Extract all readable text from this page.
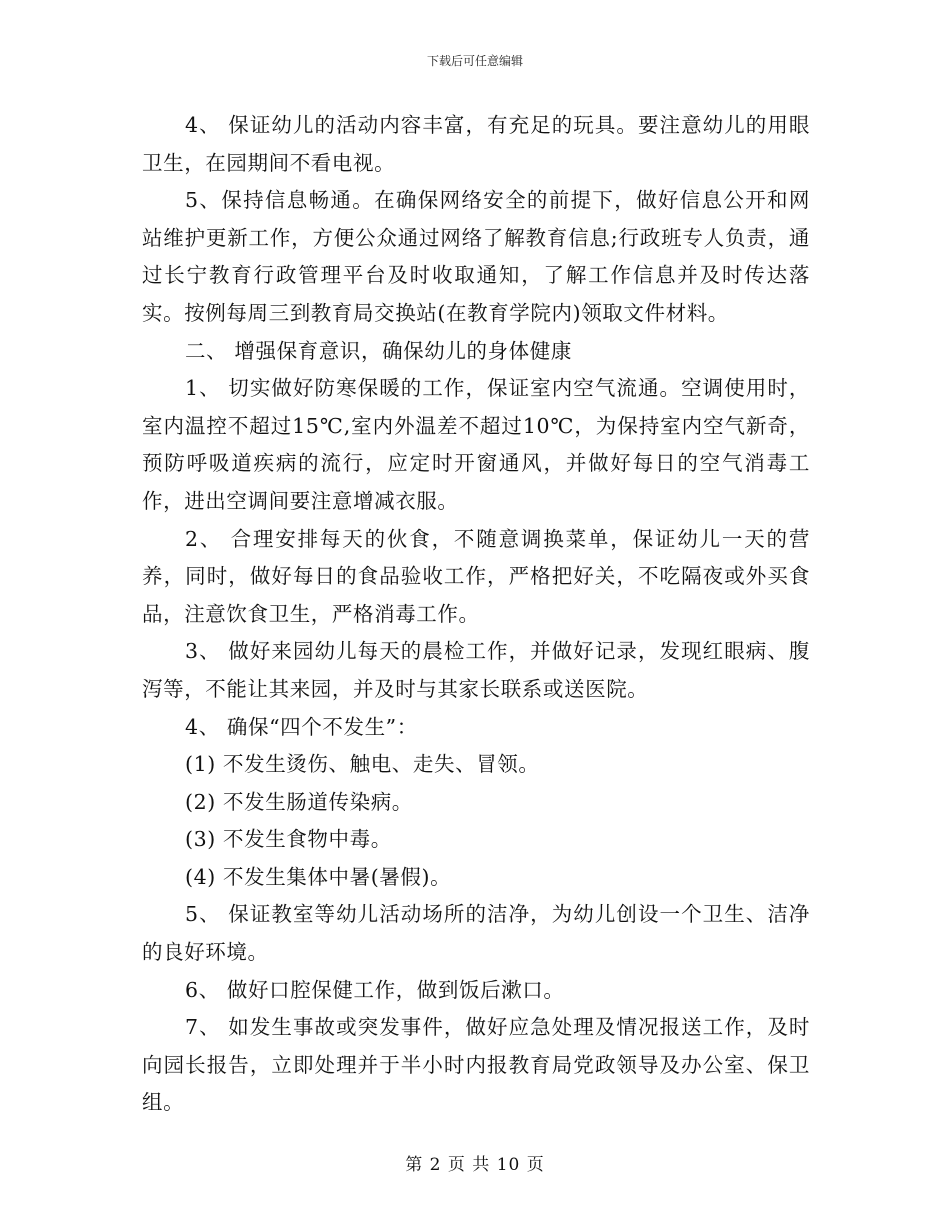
下载后可任意编辑

4、 保证幼儿的活动内容丰富，有充足的玩具。要注意幼儿的用眼卫生，在园期间不看电视。

5、保持信息畅通。在确保网络安全的前提下，做好信息公开和网站维护更新工作，方便公众通过网络了解教育信息;行政班专人负责，通过长宁教育行政管理平台及时收取通知，了解工作信息并及时传达落实。按例每周三到教育局交换站(在教育学院内)领取文件材料。

二、 增强保育意识，确保幼儿的身体健康

1、 切实做好防寒保暖的工作，保证室内空气流通。空调使用时，室内温控不超过15℃,室内外温差不超过10℃，为保持室内空气新奇，预防呼吸道疾病的流行，应定时开窗通风，并做好每日的空气消毒工作，进出空调间要注意增减衣服。

2、 合理安排每天的伙食，不随意调换菜单，保证幼儿一天的营养，同时，做好每日的食品验收工作，严格把好关，不吃隔夜或外买食品，注意饮食卫生，严格消毒工作。

3、 做好来园幼儿每天的晨检工作，并做好记录，发现红眼病、腹泻等，不能让其来园，并及时与其家长联系或送医院。

4、 确保“四个不发生”：

(1) 不发生烫伤、触电、走失、冒领。

(2) 不发生肠道传染病。

(3) 不发生食物中毒。

(4) 不发生集体中暑(暑假)。

5、 保证教室等幼儿活动场所的洁净，为幼儿创设一个卫生、洁净的良好环境。

6、 做好口腔保健工作，做到饭后漱口。

7、 如发生事故或突发事件，做好应急处理及情况报送工作，及时向园长报告，立即处理并于半小时内报教育局党政领导及办公室、保卫组。

第 2 页 共 10 页
